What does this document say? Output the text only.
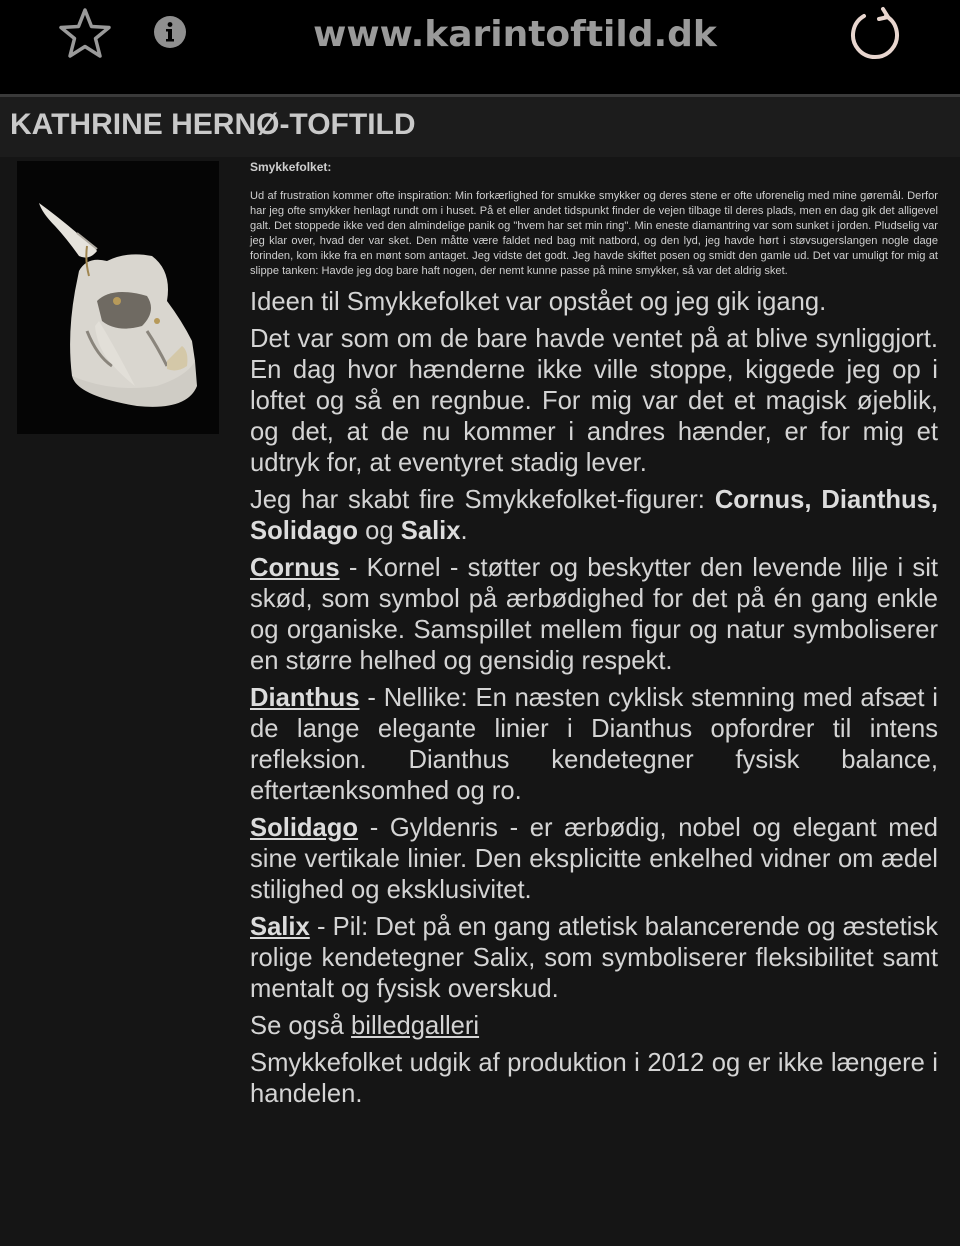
www.karintoftild.dk
KATHRINE HERNØ-TOFTILD
Smykkefolket:

Ud af frustration kommer ofte inspiration: Min forkærlighed for smukke smykker og deres stene er ofte uforenelig med mine gøremål. Derfor har jeg ofte smykker henlagt rundt om i huset. På et eller andet tidspunkt finder de vejen tilbage til deres plads, men en dag gik det alligevel galt. Det stoppede ikke ved den almindelige panik og "hvem har set min ring". Min eneste diamantring var som sunket i jorden. Pludselig var jeg klar over, hvad der var sket. Den måtte være faldet ned bag mit natbord, og den lyd, jeg havde hørt i støvsugerslangen nogle dage forinden, kom ikke fra en mønt som antaget. Jeg vidste det godt. Jeg havde skiftet posen og smidt den gamle ud. Det var umuligt for mig at slippe tanken: Havde jeg dog bare haft nogen, der nemt kunne passe på mine smykker, så var det aldrig sket.

Ideen til Smykkefolket var opstået og jeg gik igang.

Det var som om de bare havde ventet på at blive synliggjort. En dag hvor hænderne ikke ville stoppe, kiggede jeg op i loftet og så en regnbue. For mig var det et magisk øjeblik, og det, at de nu kommer i andres hænder, er for mig et udtryk for, at eventyret stadig lever.

Jeg har skabt fire Smykkefolket-figurer: Cornus, Dianthus, Solidago og Salix.

Cornus - Kornel - støtter og beskytter den levende lilje i sit skød, som symbol på ærbødighed for det på én gang enkle og organiske. Samspillet mellem figur og natur symboliserer en større helhed og gensidig respekt.

Dianthus - Nellike: En næsten cyklisk stemning med afsæt i de lange elegante linier i Dianthus opfordrer til intens refleksion. Dianthus kendetegner fysisk balance, eftertænksomhed og ro.

Solidago - Gyldenris - er ærbødig, nobel og elegant med sine vertikale linier. Den eksplicitte enkelhed vidner om ædel stilighed og eksklusivitet.

Salix - Pil: Det på en gang atletisk balancerende og æstetisk rolige kendetegner Salix, som symboliserer fleksibilitet samt mentalt og fysisk overskud.

Se også billedgalleri

Smykkefolket udgik af produktion i 2012 og er ikke længere i handelen.
